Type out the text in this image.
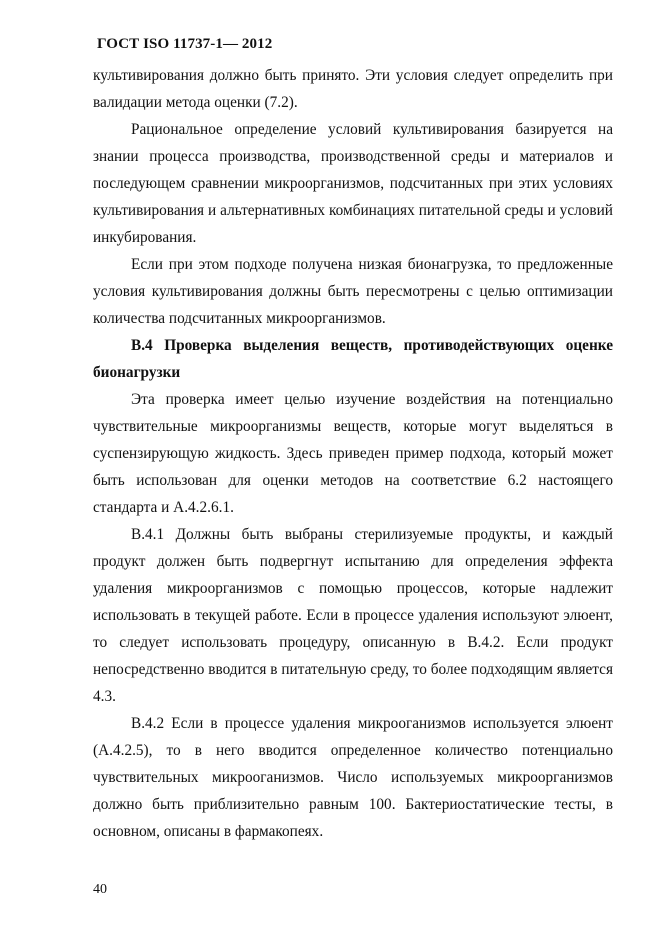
ГОСТ ISO 11737-1— 2012

культивирования должно быть принято. Эти условия следует определить при валидации метода оценки (7.2).

Рациональное определение условий культивирования базируется на знании процесса производства, производственной среды и материалов и последующем сравнении микроорганизмов, подсчитанных при этих условиях культивирования и альтернативных комбинациях питательной среды и условий инкубирования.

Если при этом подходе получена низкая бионагрузка, то предложенные условия культивирования должны быть пересмотрены с целью оптимизации количества подсчитанных микроорганизмов.

B.4 Проверка выделения веществ, противодействующих оценке бионагрузки

Эта проверка имеет целью изучение воздействия на потенциально чувствительные микроорганизмы веществ, которые могут выделяться в суспензирующую жидкость. Здесь приведен пример подхода, который может быть использован для оценки методов на соответствие 6.2 настоящего стандарта и А.4.2.6.1.

B.4.1 Должны быть выбраны стерилизуемые продукты, и каждый продукт должен быть подвергнут испытанию для определения эффекта удаления микроорганизмов с помощью процессов, которые надлежит использовать в текущей работе. Если в процессе удаления используют элюент, то следует использовать процедуру, описанную в В.4.2. Если продукт непосредственно вводится в питательную среду, то более подходящим является 4.3.

B.4.2 Если в процессе удаления микрооганизмов используется элюент (А.4.2.5), то в него вводится определенное количество потенциально чувствительных микрооганизмов. Число используемых микроорганизмов должно быть приблизительно равным 100. Бактериостатические тесты, в основном, описаны в фармакопеях.

40
